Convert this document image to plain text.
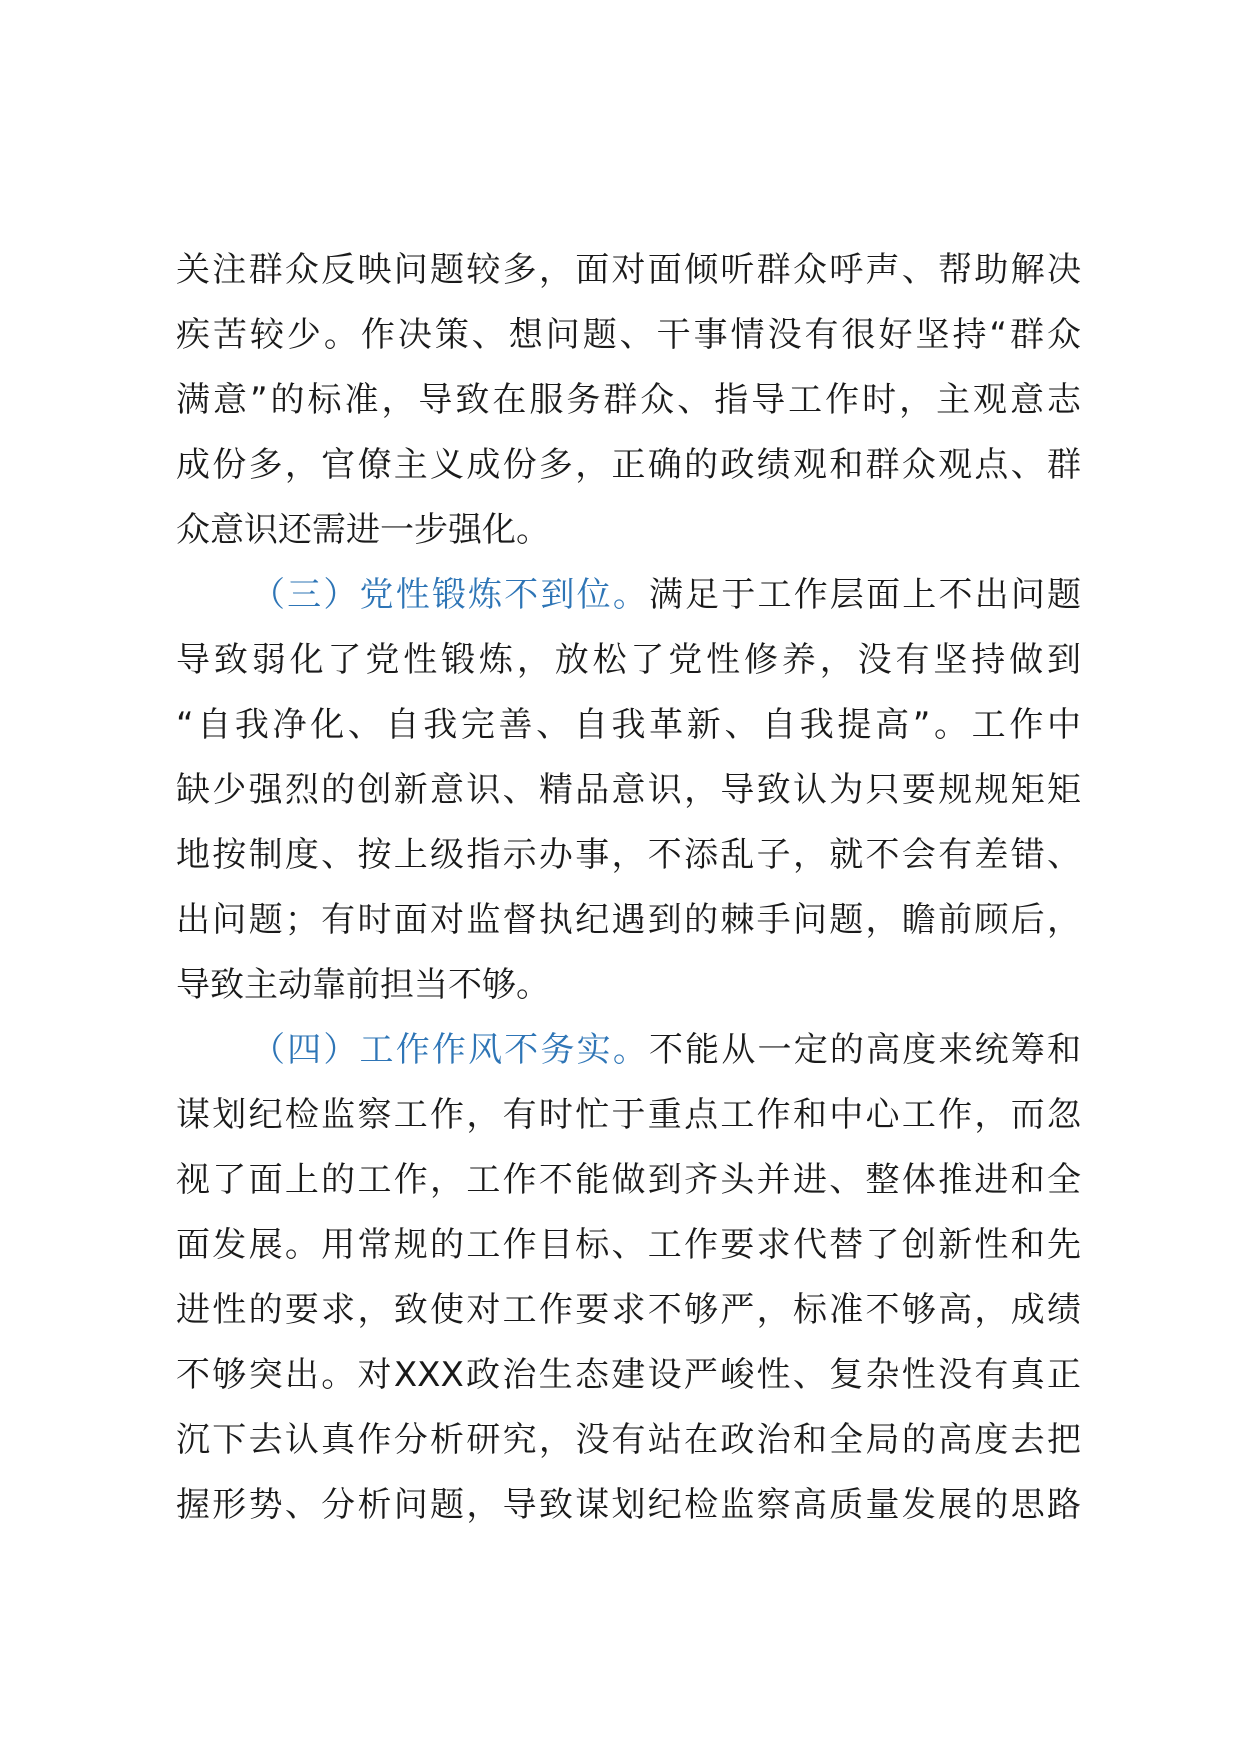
关注群众反映问题较多，面对面倾听群众呼声、帮助解决
疾苦较少。作决策、想问题、干事情没有很好坚持“群众
满意”的标准，导致在服务群众、指导工作时，主观意志
成份多，官僚主义成份多，正确的政绩观和群众观点、群
众意识还需进一步强化。
（三）党性锻炼不到位。满足于工作层面上不出问题
导致弱化了党性锻炼，放松了党性修养，没有坚持做到
“自我净化、自我完善、自我革新、自我提高”。工作中
缺少强烈的创新意识、精品意识，导致认为只要规规矩矩
地按制度、按上级指示办事，不添乱子，就不会有差错、
出问题；有时面对监督执纪遇到的棘手问题，瞻前顾后，
导致主动靠前担当不够。
（四）工作作风不务实。不能从一定的高度来统筹和
谋划纪检监察工作，有时忙于重点工作和中心工作，而忽
视了面上的工作，工作不能做到齐头并进、整体推进和全
面发展。用常规的工作目标、工作要求代替了创新性和先
进性的要求，致使对工作要求不够严，标准不够高，成绩
不够突出。对XXX政治生态建设严峻性、复杂性没有真正
沉下去认真作分析研究，没有站在政治和全局的高度去把
握形势、分析问题，导致谋划纪检监察高质量发展的思路
